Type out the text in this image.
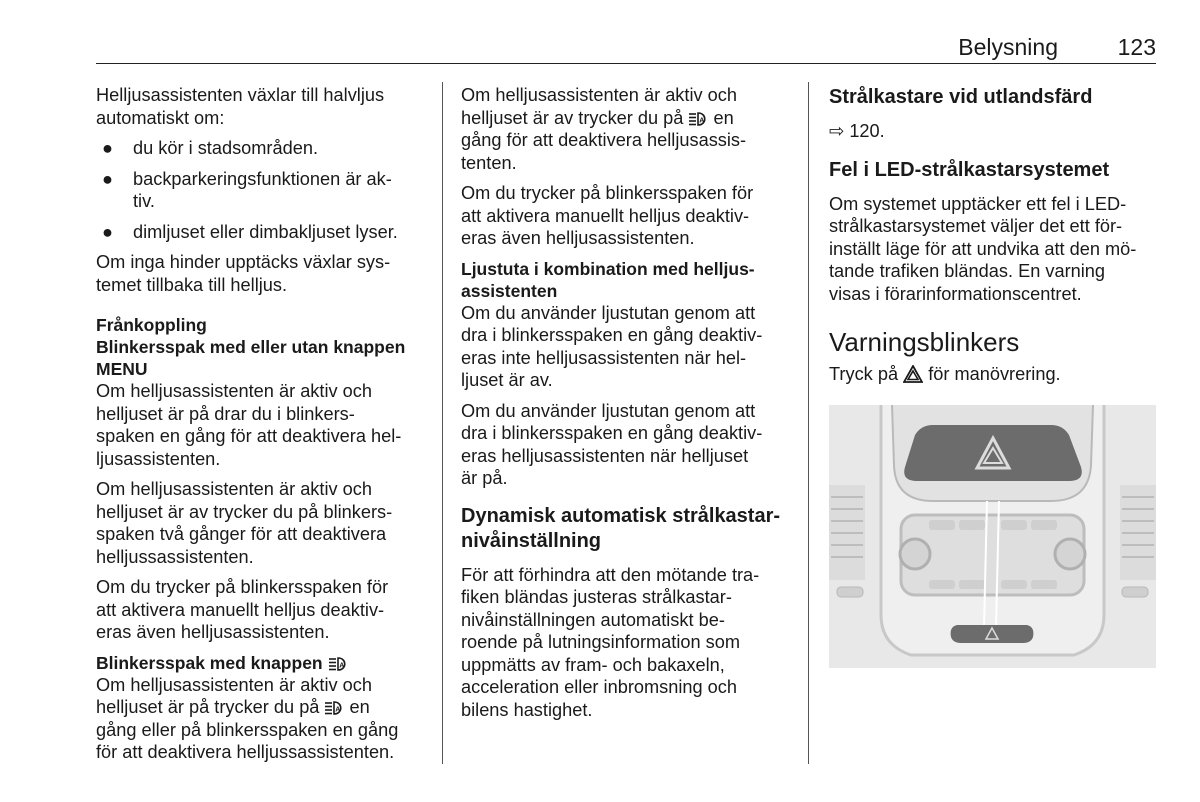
Belysning	123

Helljusassistenten växlar till halvljus
automatiskt om:

● du kör i stadsområden.
● backparkeringsfunktionen är ak-
tiv.
● dimljuset eller dimbakljuset lyser.

Om inga hinder upptäcks växlar sys-
temet tillbaka till helljus.

Frånkoppling
Blinkersspak med eller utan knappen
MENU

Om helljusassistenten är aktiv och
helljuset är på drar du i blinkers-
spaken en gång för att deaktivera hel-
ljusassistenten.

Om helljusassistenten är aktiv och
helljuset är av trycker du på blinkers-
spaken två gånger för att deaktivera
helljussassistenten.

Om du trycker på blinkersspaken för
att aktivera manuellt helljus deaktiv-
eras även helljusassistenten.

Blinkersspak med knappen A

Om helljusassistenten är aktiv och
helljuset är på trycker du på A en
gång eller på blinkersspaken en gång
för att deaktivera helljussassistenten.

Om helljusassistenten är aktiv och
helljuset är av trycker du på A en
gång för att deaktivera helljusassis-
tenten.

Om du trycker på blinkersspaken för
att aktivera manuellt helljus deaktiv-
eras även helljusassistenten.

Ljustuta i kombination med helljus-
assistenten

Om du använder ljustutan genom att
dra i blinkersspaken en gång deaktiv-
eras inte helljusassistenten när hel-
ljuset är av.

Om du använder ljustutan genom att
dra i blinkersspaken en gång deaktiv-
eras helljusassistenten när helljuset
är på.

Dynamisk automatisk strålkastar-
nivåinställning

För att förhindra att den mötande tra-
fiken bländas justeras strålkastar-
nivåinställningen automatiskt be-
roende på lutningsinformation som
uppmätts av fram- och bakaxeln,
acceleration eller inbromsning och
bilens hastighet.

Strålkastare vid utlandsfärd

⇨ 120.

Fel i LED-strålkastarsystemet

Om systemet upptäcker ett fel i LED-
strålkastarsystemet väljer det ett för-
inställt läge för att undvika att den mö-
tande trafiken bländas. En varning
visas i förarinformationscentret.

Varningsblinkers

Tryck på för manövrering.
